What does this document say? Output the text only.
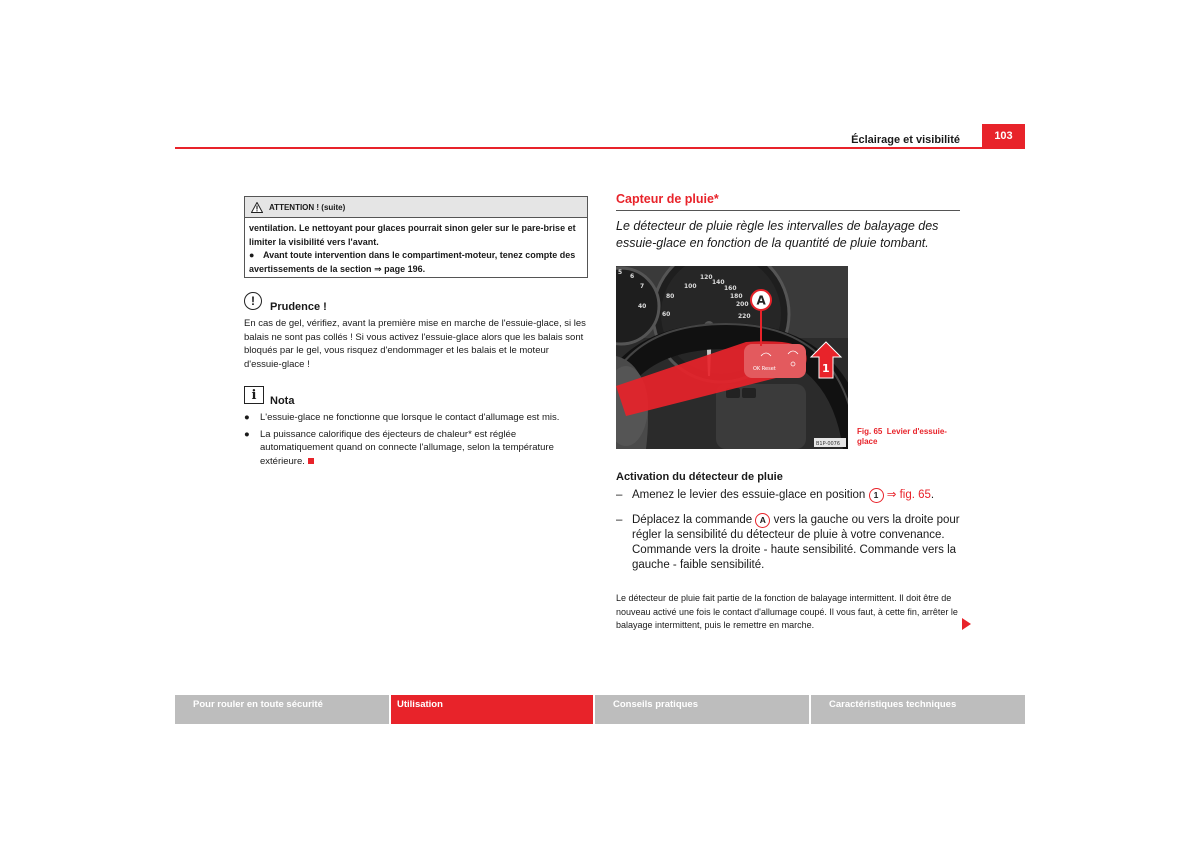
Éclairage et visibilité	103
ATTENTION ! (suite)
ventilation. Le nettoyant pour glaces pourrait sinon geler sur le pare-brise et limiter la visibilité vers l'avant.
● Avant toute intervention dans le compartiment-moteur, tenez compte des avertissements de la section ⇒ page 196.
!	Prudence !
En cas de gel, vérifiez, avant la première mise en marche de l'essuie-glace, si les balais ne sont pas collés ! Si vous activez l'essuie-glace alors que les balais sont bloqués par le gel, vous risquez d'endommager et les balais et le moteur d'essuie-glace !
i	Nota
●	L'essuie-glace ne fonctionne que lorsque le contact d'allumage est mis.
●	La puissance calorifique des éjecteurs de chaleur* est réglée automatiquement quand on connecte l'allumage, selon la température extérieure.
Capteur de pluie*
Le détecteur de pluie règle les intervalles de balayage des essuie-glace en fonction de la quantité de pluie tombant.
100
120
140
160
180
200
220
80
60
40
5
6
7
OK Reset
A
1
B1P-0076
Fig. 65 Levier d'essuie-glace
Activation du détecteur de pluie
– Amenez le levier des essuie-glace en position 1 ⇒ fig. 65.
– Déplacez la commande A vers la gauche ou vers la droite pour régler la sensibilité du détecteur de pluie à votre convenance. Commande vers la droite - haute sensibilité. Commande vers la gauche - faible sensibilité.
Le détecteur de pluie fait partie de la fonction de balayage intermittent. Il doit être de nouveau activé une fois le contact d'allumage coupé. Il vous faut, à cette fin, arrêter le balayage intermittent, puis le remettre en marche.
Pour rouler en toute sécurité	Utilisation	Conseils pratiques	Caractéristiques techniques
